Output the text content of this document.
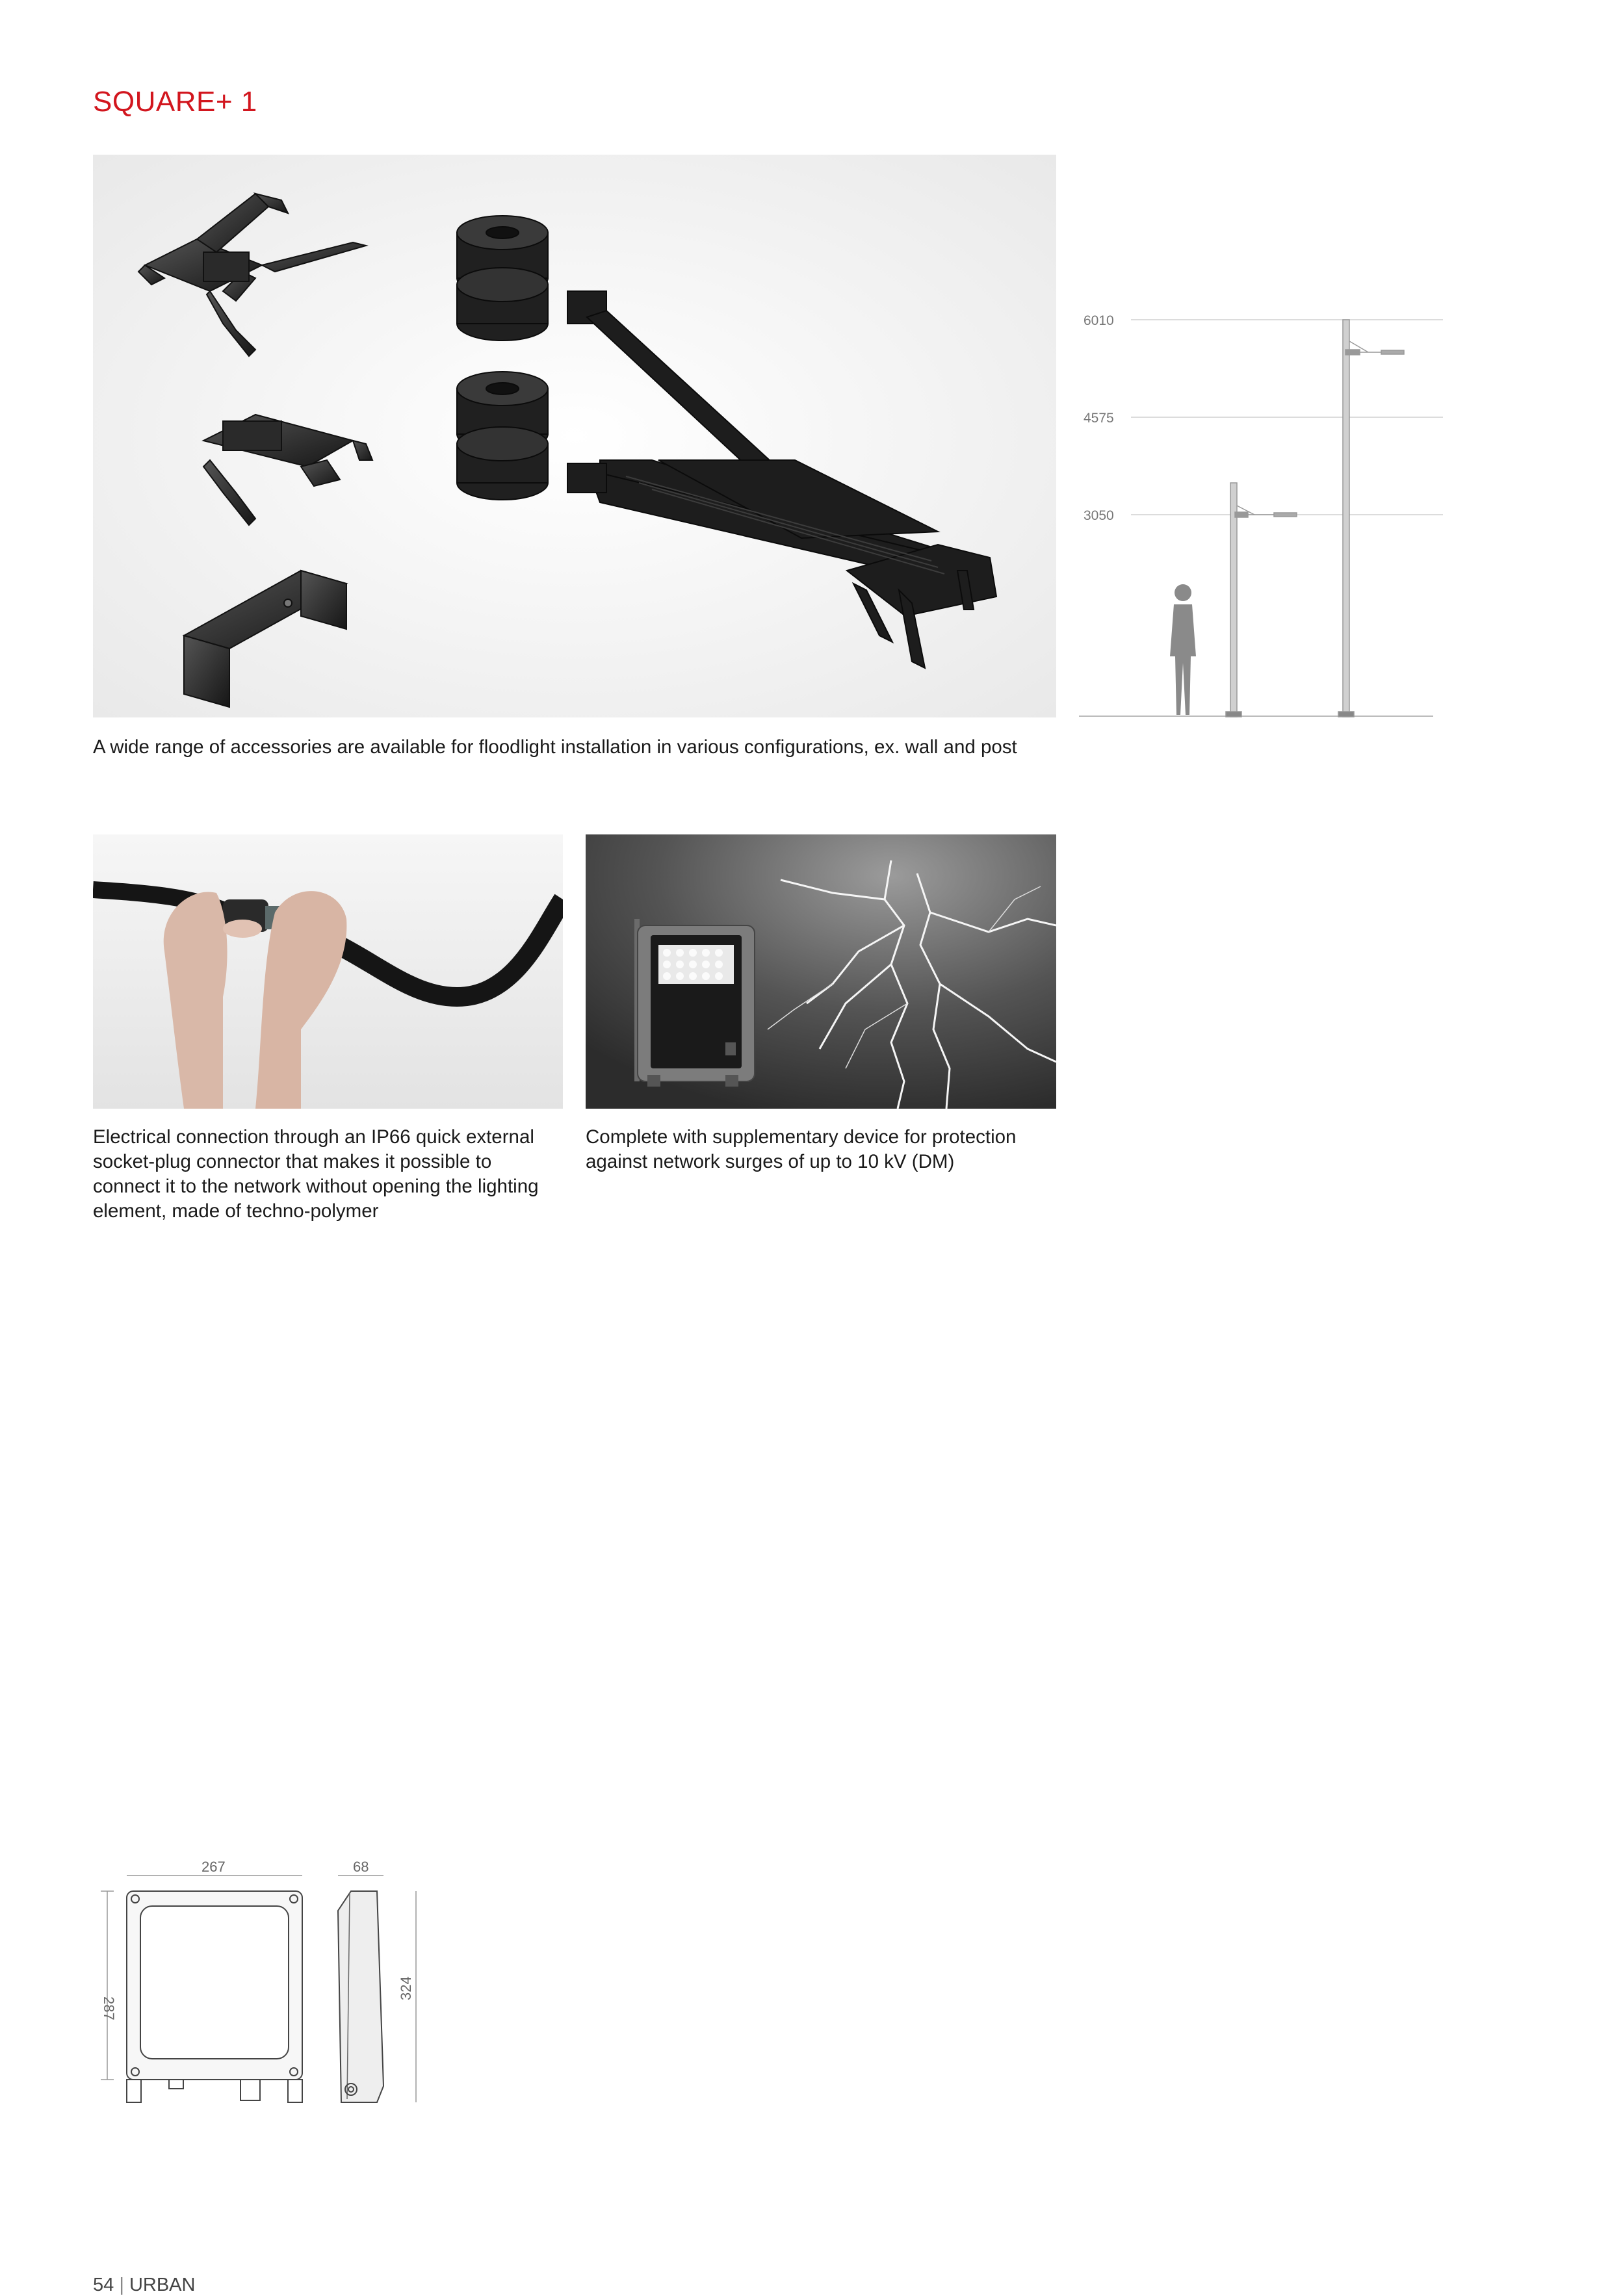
SQUARE+ 1
6010
4575
3050
A wide range of accessories are available for floodlight installation in various configurations, ex. wall and post
Electrical connection through an IP66 quick external socket-plug connector that makes it possible to connect it to the network without opening the lighting element, made of techno-polymer
Complete with supplementary device for protection against network surges of up to 10 kV (DM)
267	68
287
324
54 | URBAN
